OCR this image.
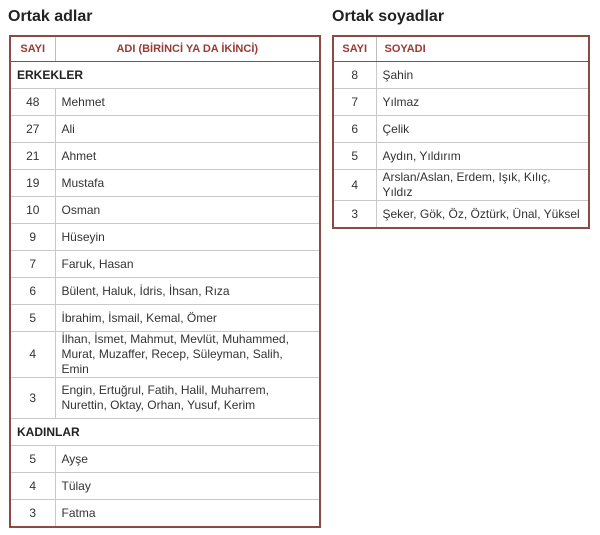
Ortak adlar	Ortak soyadlar
SAYI	ADI (BİRİNCİ YA DA İKİNCİ)
ERKEKLER	
48	Mehmet
27	Ali
21	Ahmet
19	Mustafa
10	Osman
9	Hüseyin
7	Faruk, Hasan
6	Bülent, Haluk, İdris, İhsan, Rıza
5	İbrahim, İsmail, Kemal, Ömer
4	İlhan, İsmet, Mahmut, Mevlüt, Muhammed, Murat, Muzaffer, Recep, Süleyman, Salih, Emin
3	Engin, Ertuğrul, Fatih, Halil, Muharrem, Nurettin, Oktay, Orhan, Yusuf, Kerim
KADINLAR	
5	Ayşe
4	Tülay
3	Fatma
SAYI	SOYADI
8	Şahin
7	Yılmaz
6	Çelik
5	Aydın, Yıldırım
4	Arslan/Aslan, Erdem, Işık, Kılıç, Yıldız
3	Şeker, Gök, Öz, Öztürk, Ünal, Yüksel
